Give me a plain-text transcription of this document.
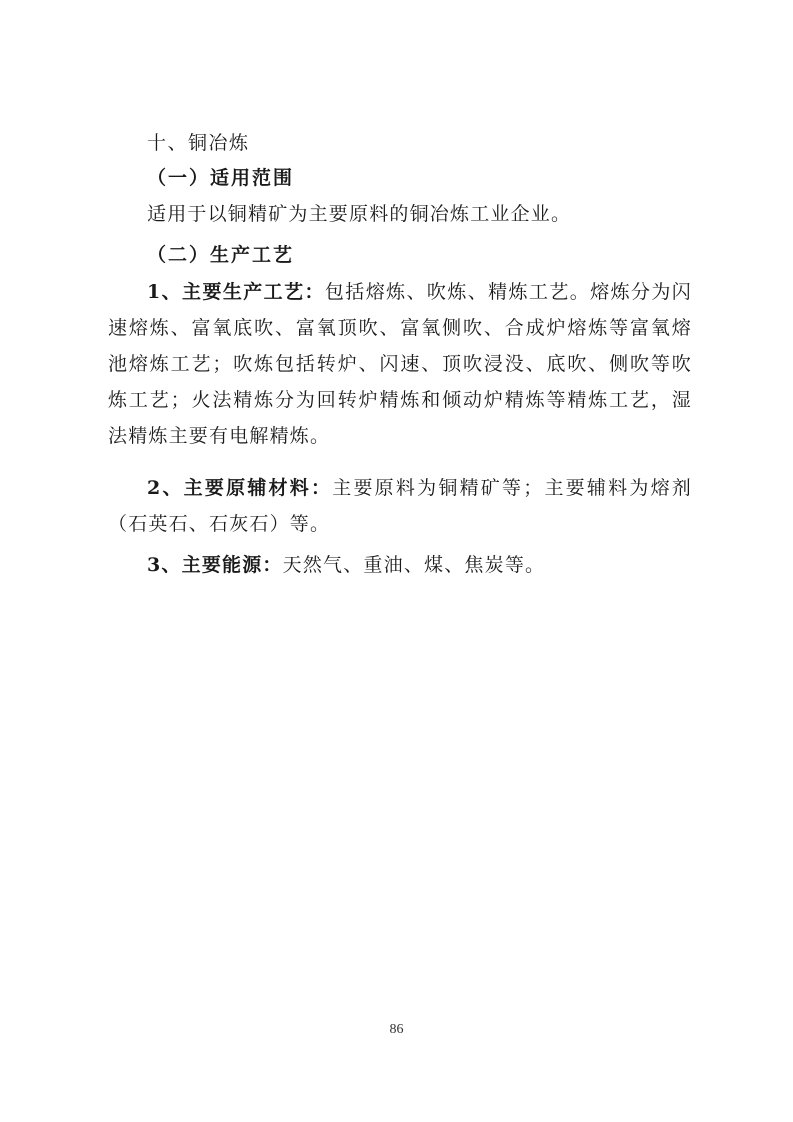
十、铜冶炼

（一）适用范围

适用于以铜精矿为主要原料的铜冶炼工业企业。

（二）生产工艺

1、主要生产工艺：包括熔炼、吹炼、精炼工艺。熔炼分为闪速熔炼、富氧底吹、富氧顶吹、富氧侧吹、合成炉熔炼等富氧熔池熔炼工艺；吹炼包括转炉、闪速、顶吹浸没、底吹、侧吹等吹炼工艺；火法精炼分为回转炉精炼和倾动炉精炼等精炼工艺，湿法精炼主要有电解精炼。

2、主要原辅材料：主要原料为铜精矿等；主要辅料为熔剂（石英石、石灰石）等。

3、主要能源：天然气、重油、煤、焦炭等。

86
